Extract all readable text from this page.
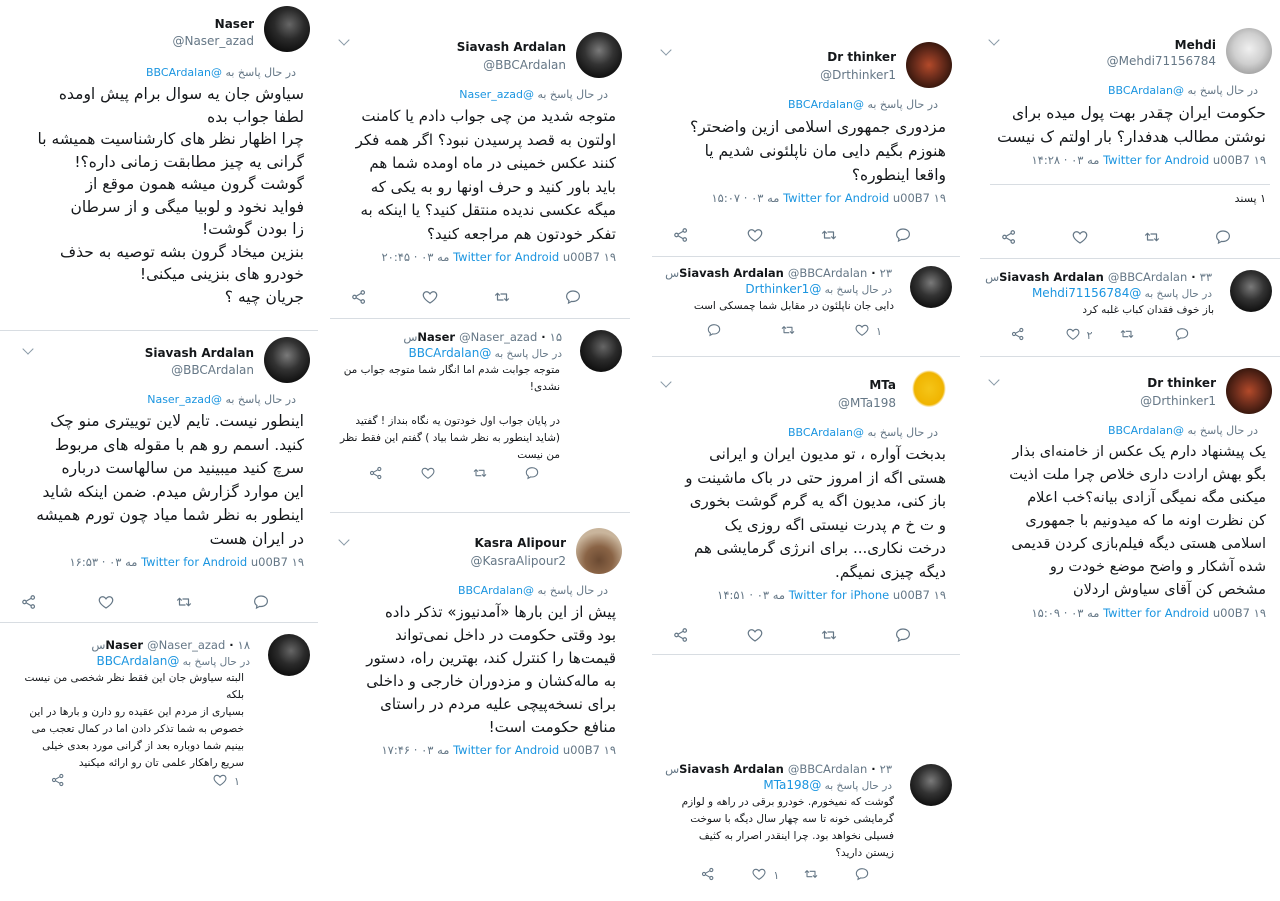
Naser
@Naser_azad
در حال پاسخ به @BBCArdalan
سیاوش جان یه سوال برام پیش اومده
لطفا جواب بده
چرا اظهار نظر های کارشناسیت همیشه با
گرانی یه چیز مطابقت زمانی داره؟!
گوشت گرون میشه همون موقع از
فواید نخود و لوبیا میگی و از سرطان
زا بودن گوشت!
بنزین میخاد گرون بشه توصیه به حذف
خودرو های بنزینی میکنی!
جریان چیه ؟
Siavash Ardalan
@BBCArdalan
در حال پاسخ به @Naser_azad
اینطور نیست. تایم لاین توییتری منو چک
کنید. اسمم رو هم با مقوله های مربوط
سرچ کنید میبینید من سالهاست درباره
این موارد گزارش میدم. ضمن اینکه شاید
اینطور به نظر شما میاد چون تورم همیشه
در ایران هست
Twitter for Android u00B7 ۱۹ مه ۰۳ · ۱۶:۵۳
Naser @Naser_azad · ۱۸س
در حال پاسخ به @BBCArdalan
البته سیاوش جان این فقط نظر شخصی من نیست
بلکه
بسیاری از مردم این عقیده رو دارن و بارها در این
خصوص به شما تذکر دادن اما در کمال تعجب می
بینیم شما دوباره بعد از گرانی مورد بعدی خیلی
سریع راهکار علمی تان رو ارائه میکنید
۱
Siavash Ardalan
@BBCArdalan
در حال پاسخ به @Naser_azad
متوجه شدید من چی جواب دادم یا کامنت
اولتون به قصد پرسیدن نبود؟ اگر همه فکر
کنند عکس خمینی در ماه اومده شما هم
باید باور کنید و حرف اونها رو به یکی که
میگه عکسی ندیده منتقل کنید؟ یا اینکه به
تفکر خودتون هم مراجعه کنید؟
Twitter for Android u00B7 ۱۹ مه ۰۳ · ۲۰:۴۵
Naser @Naser_azad · ۱۵س
در حال پاسخ به @BBCArdalan
متوجه جوابت شدم اما انگار شما متوجه جواب من
نشدی!

در پایان جواب اول خودتون یه نگاه بنداز ! گفتید
(شاید اینطور به نظر شما بیاد ) گفتم این فقط نظر
من نیست
Kasra Alipour
@KasraAlipour2
در حال پاسخ به @BBCArdalan
پیش از این بارها «آمدنیوز» تذکر داده
بود وقتی حکومت در داخل نمی‌تواند
قیمت‌ها را کنترل کند، بهترین راه، دستور
به مالەکشان و مزدوران خارجی و داخلی
برای نسخه‌پیچی علیه مردم در راستای
منافع حکومت است!
Twitter for Android u00B7 ۱۹ مه ۰۳ · ۱۷:۴۶
Dr thinker
@Drthinker1
در حال پاسخ به @BBCArdalan
مزدوری جمهوری اسلامی ازین واضحتر؟
هنوزم بگیم دایی مان ناپلئونی شدیم یا
واقعا اینطوره؟
Twitter for Android u00B7 ۱۹ مه ۰۳ · ۱۵:۰۷
Siavash Ardalan @BBCArdalan · ۲۳س
در حال پاسخ به @Drthinker1
دایی جان ناپلئون در مقابل شما چمسکی است
۱
MTa
@MTa198
در حال پاسخ به @BBCArdalan
بدبخت آواره ، تو مدیون ایران و ایرانی
هستی اگه از امروز حتی در باک ماشینت و
باز کنی، مدیون اگه یه گرم گوشت بخوری
و ت خ م پدرت نیستی اگه روزی یک
درخت نکاری... برای انرژی گرمایشی هم
دیگه چیزی نمیگم.
Twitter for iPhone u00B7 ۱۹ مه ۰۳ · ۱۴:۵۱
Siavash Ardalan @BBCArdalan · ۲۳س
در حال پاسخ به @MTa198
گوشت که نمیخورم. خودرو برقی در راهه و لوازم
گرمایشی خونه تا سه چهار سال دیگه با سوخت
فسیلی نخواهد بود. چرا اینقدر اصرار به کثیف
زیستن دارید؟
۱
Mehdi
@Mehdi71156784
در حال پاسخ به @BBCArdalan
حکومت ایران چقدر بهت پول میده برای
نوشتن مطالب هدفدار؟ بار اولتم ک نیست
Twitter for Android u00B7 ۱۹ مه ۰۳ · ۱۴:۲۸
۱ پسند
Siavash Ardalan @BBCArdalan · ۳۳س
در حال پاسخ به @Mehdi71156784
باز خوف فقدان کباب غلبه کرد
۲
Dr thinker
@Drthinker1
در حال پاسخ به @BBCArdalan
یک پیشنهاد دارم یک عکس از خامنه‌ای بذار
بگو بهش ارادت داری خلاص چرا ملت اذیت
میکنی مگه نمیگی آزادی بیانه؟خب اعلام
کن نظرت اونه ما که میدونیم با جمهوری
اسلامی هستی دیگه فیلم‌بازی کردن قدیمی
شده آشکار و واضح موضع خودت رو
مشخص کن آقای سیاوش اردلان
Twitter for Android u00B7 ۱۹ مه ۰۳ · ۱۵:۰۹
